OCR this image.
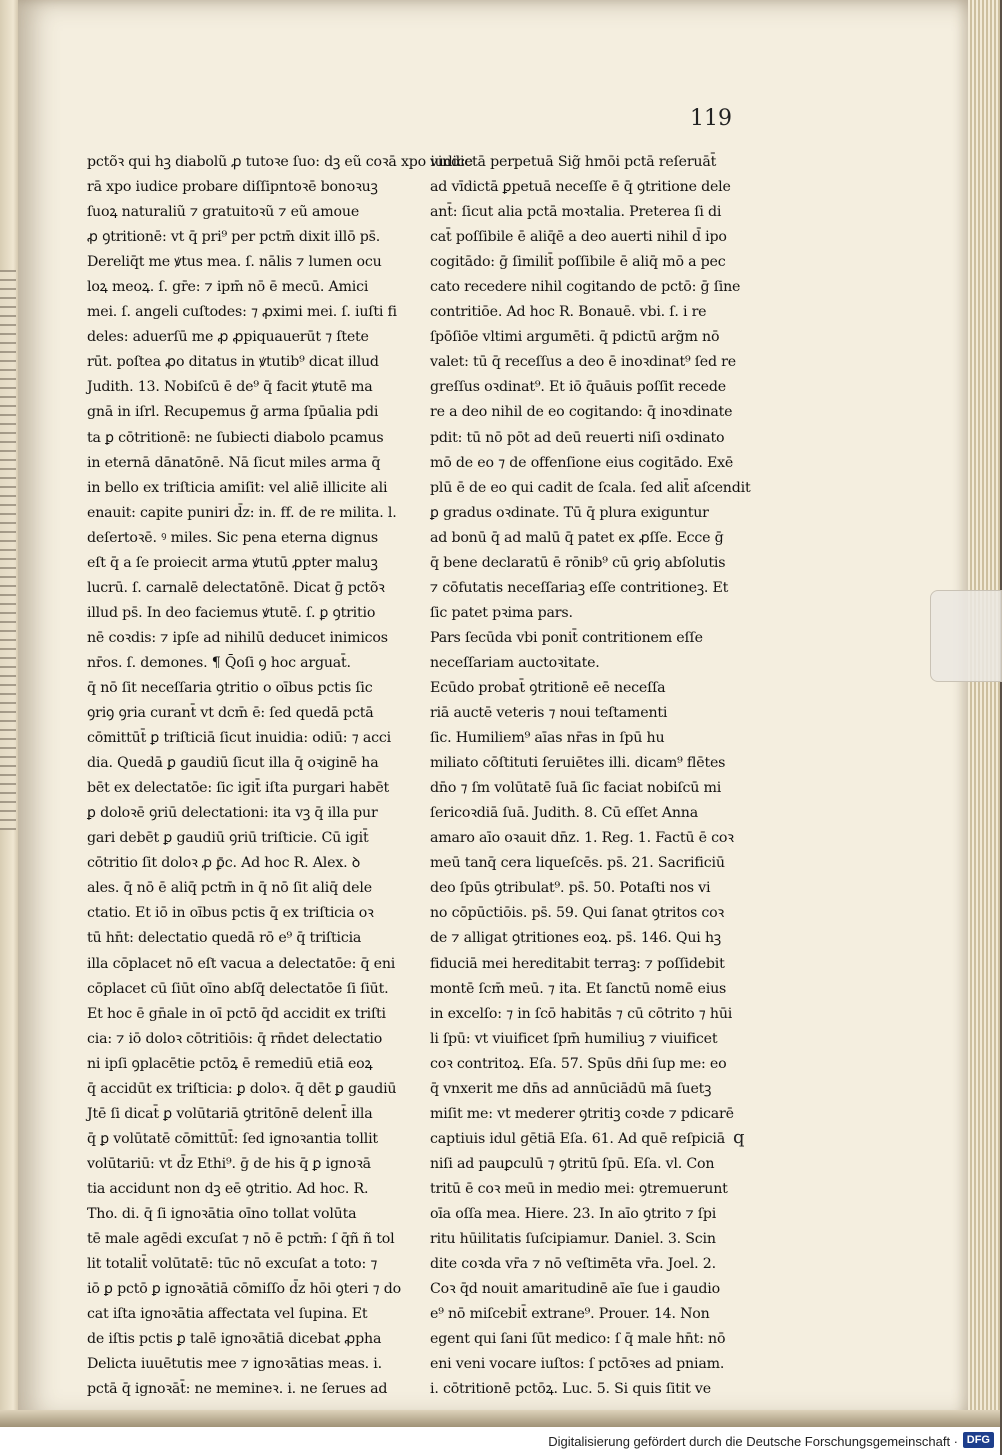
119
pctõꝛ qui hꝫ diabolũ ꝓ tutoꝛe ſuo: dꝫ eũ coꝛā xpo iudice
rā xpo iudice probare diſſipntoꝛē bonoꝛuꝫ
ſuoꝝ naturaliũ ⁊ gratuitoꝛũ ⁊ eũ amoue
ꝓ ꝯtritionē: vt q̄ pri⁹ per pctm̄ dixit illō ps̄.
Dereliq̄t me ꝟtus mea. ſ. nālis ⁊ lumen ocu
loꝝ meoꝝ. ſ. gr̄e: ⁊ ipm̄ nō ē mecū. Amici
mei. ſ. angeli cuſtodes: ⁊ ꝓximi mei. ſ. iuſti fi
deles: aduerſū me ꝓ ꝓpiquauerūt ⁊ ſtete
rūt. poſtea ꝓo ditatus in ꝟtutib⁹ dicat illud
Judith. 13. Nobiſcū ē de⁹ q̄ facit ꝟtutē ma
gnā in iſrl. Recupemus ḡ arma ſpūalia pdi
ta ꝑ cōtritionē: ne ſubiecti diabolo pcamus
in eternā dānatōnē. Nā ſicut miles arma q̄
in bello ex triſticia amiſit: vel aliē illicite ali
enauit: capite puniri d̄z: in. ff. de re milita. l.
deſertoꝛē. ꝰ miles. Sic pena eterna dignus
eſt q̄ a ſe proiecit arma ꝟtutū ꝓpter maluꝫ
lucrū. ſ. carnalē delectatōnē. Dicat ḡ pctõꝛ
illud ps̄. In deo faciemus ꝟtutē. ſ. ꝑ ꝯtritio
nē coꝛdis: ⁊ ipſe ad nihilū deducet inimicos
nr̄os. ſ. demones. ¶ Q̄oſi ꝯ hoc arguat̄.
q̄ nō ſit neceſſaria ꝯtritio o oībus pctis ſic
ꝯriꝯ ꝯria curant̄ vt dcm̄ ē: ſed quedā pctā
cōmittūt̄ ꝑ triſticiā ſicut inuidia: odiū: ⁊ acci
dia. Quedā ꝑ gaudiū ſicut illa q̄ oꝛiginē ha
bēt ex delectatōe: ſic igit̄ iſta purgari habēt
ꝑ doloꝛē ꝯriū delectationi: ita vꝫ q̄ illa pur
gari debēt ꝑ gaudiū ꝯriū triſticie. Cū igit̄
cōtritio ſit doloꝛ ꝓ ꝑ̄c. Ad hoc R. Alex. ꝺ
ales. q̄ nō ē aliq̄ pctm̄ in q̄ nō ſit aliq̄ dele
ctatio. Et iō in oībus pctis q̄ ex triſticia oꝛ
tū hn̄t: delectatio quedā rō e⁹ q̄ triſticia
illa cōplacet nō eſt vacua a delectatōe: q̄ eni
cōplacet cū ſiūt oīno abſq̄ delectatōe ſi ſiūt.
Et hoc ē gn̄ale in oī pctō q̄d accidit ex triſti
cia: ⁊ iō doloꝛ cōtritiōis: q̄ rn̄det delectatio
ni ipſi ꝯplacētie pctōꝝ ē remediū etiā eoꝝ
q̄ accidūt ex triſticia: ꝑ doloꝛ. q̄ dēt ꝑ gaudiū
Jtē ſi dicat̄ ꝑ volūtariā ꝯtritōnē delent̄ illa
q̄ ꝑ volūtatē cōmittūt̄: ſed ignoꝛantia tollit
volūtariū: vt d̄z Ethi⁹. ḡ de his q̄ ꝑ ignoꝛā
tia accidunt non dꝫ eē ꝯtritio. Ad hoc. R.
Tho. di. q̄ ſi ignoꝛātia oīno tollat volūta
tē male agēdi excuſat ⁊ nō ē pctm̄: ſ q̄ñ ñ tol
lit totalit̄ volūtatē: tūc nō excuſat a toto: ⁊
iō ꝑ pctō ꝑ ignoꝛātiā cōmiſſo d̄z hōi ꝯteri ⁊ do
cat iſta ignoꝛātia affectata vel ſupina. Et
de iſtis pctis ꝑ talē ignoꝛātiā dicebat ꝓpha
Delicta iuuētutis mee ⁊ ignoꝛātias meas. i.
pctā q̄ ignoꝛāt̄: ne memineꝛ. i. ne ſerues ad
vindictā perpetuā Sig̃ hmōi pctā reſeruāt̄
ad vīdictā ꝑpetuā neceſſe ē q̄ ꝯtritione dele
ant̄: ſicut alia pctā moꝛtalia. Preterea ſi di
cat̄ poſſibile ē aliq̄ē a deo auerti nihil d̄ ipo
cogitādo: ḡ ſimilit̄ poſſibile ē aliq̄ mō a pec
cato recedere nihil cogitando de pctō: ḡ ſine
contritiōe. Ad hoc R. Bonauē. vbi. ſ. i re
ſpōſiōe vltimi argumēti. q̄ pdictū arg̃m nō
valet: tū q̄ receſſus a deo ē inoꝛdinat⁹ ſed re
greſſus oꝛdinat⁹. Et iō q̄uāuis poſſit recede
re a deo nihil de eo cogitando: q̄ inoꝛdinate
pdit: tū nō pōt ad deū reuerti niſi oꝛdinato
mō de eo ⁊ de offenſione eius cogitādo. Exē
plū ē de eo qui cadit de ſcala. ſed alit̄ aſcendit
ꝑ gradus oꝛdinate. Tū q̄ plura exiguntur
ad bonū q̄ ad malū q̄ patet ex ꝓſſe. Ecce ḡ
q̄ bene declaratū ē rōnib⁹ cū ꝯriꝯ abſolutis
⁊ cōfutatis neceſſariaꝫ eſſe contritioneꝫ. Et
ſic patet pꝛima pars.
Pars ſecūda vbi ponit̄ contritionem eſſe
neceſſariam auctoꝛitate.
Ecūdo probat̄ ꝯtritionē eē neceſſa
riā auctē veteris ⁊ noui teſtamenti
ſic. Humiliem⁹ aīas nr̄as in ſpū hu
miliato cōſtituti ſeruiētes illi. dicam⁹ flētes
dn̄o ⁊ ſm volūtatē ſuā ſic faciat nobiſcū mi
ſericoꝛdiā ſuā. Judith. 8. Cū eſſet Anna
amaro aīo oꝛauit dn̄z. 1. Reg. 1. Factū ē coꝛ
meū tanq̄ cera liqueſcēs. ps̄. 21. Sacrificiū
deo ſpūs ꝯtribulat⁹. ps̄. 50. Potaſti nos vi
no cōpūctiōis. ps̄. 59. Qui ſanat ꝯtritos coꝛ
de ⁊ alligat ꝯtritiones eoꝝ. ps̄. 146. Qui hꝫ
fiduciā mei hereditabit terraꝫ: ⁊ poſſidebit
montē ſcm̄ meū. ⁊ ita. Et ſanctū nomē eius
in excelſo: ⁊ in ſcō habitās ⁊ cū cōtrito ⁊ hūi
li ſpū: vt viuificet ſpm̄ humiliuꝫ ⁊ viuificet
coꝛ contritoꝝ. Eſa. 57. Spūs dn̄i ſup me: eo
q̄ vnxerit me dn̄s ad annūciādū mā ſuetꝫ
miſit me: vt mederer ꝯtritiꝫ coꝛde ⁊ pdicarē
captiuis idul gētiā Eſa. 61. Ad quē reſpiciā
niſi ad pauꝑculū ⁊ ꝯtritū ſpū. Eſa. vl. Con
tritū ē coꝛ meū in medio mei: ꝯtremuerunt
oīa oſſa mea. Hiere. 23. In aīo ꝯtrito ⁊ ſpi
ritu hūilitatis ſuſcipiamur. Daniel. 3. Scin
dite coꝛda vr̄a ⁊ nō veſtimēta vr̄a. Joel. 2.
Coꝛ q̄d nouit amaritudinē aīe ſue i gaudio
e⁹ nō miſcebit̄ extrane⁹. Prouer. 14. Non
egent qui ſani ſūt medico: ſ q̄ male hn̄t: nō
eni veni vocare iuſtos: ſ pctōꝛes ad pniam.
i. cōtritionē pctōꝝ. Luc. 5. Si quis ſitit ve
q
Digitalisierung gefördert durch die Deutsche Forschungsgemeinschaft · DFG
